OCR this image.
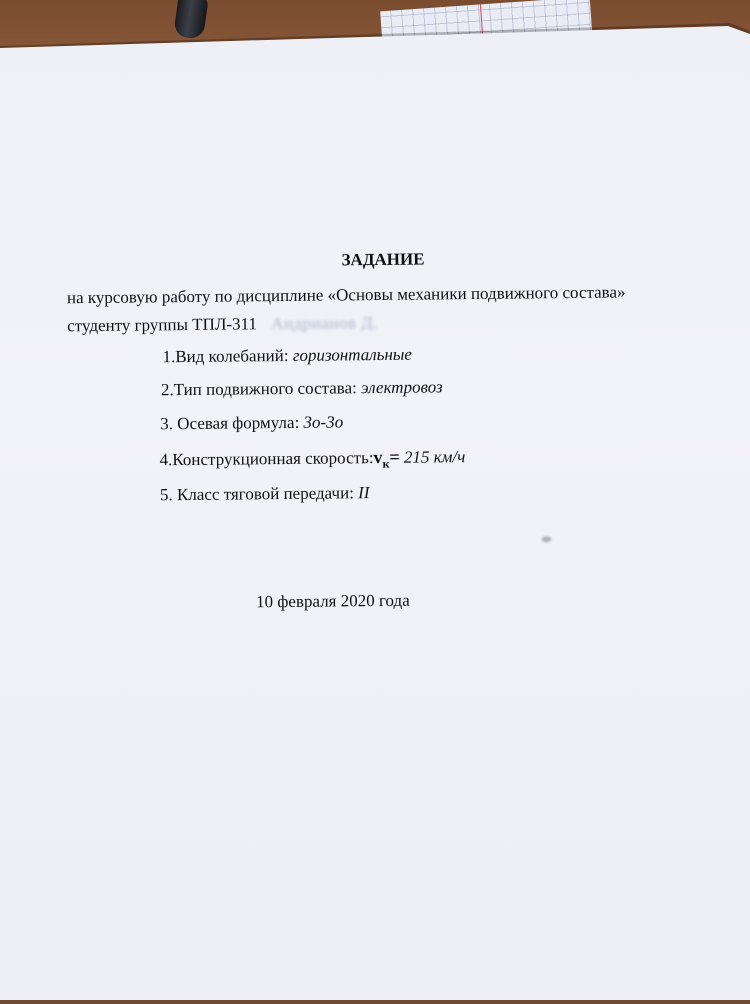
ЗАДАНИЕ
на курсовую работу по дисциплине «Основы механики подвижного состава»
студенту группы ТПЛ-311 Андрианов Д.
1.Вид колебаний: горизонтальные
2.Тип подвижного состава: электровоз
3. Осевая формула: 3о-3о
4.Конструкционная $скорость:v_к= 215$ км/ч
5. Класс тяговой передачи: II
10 февраля 2020 года
